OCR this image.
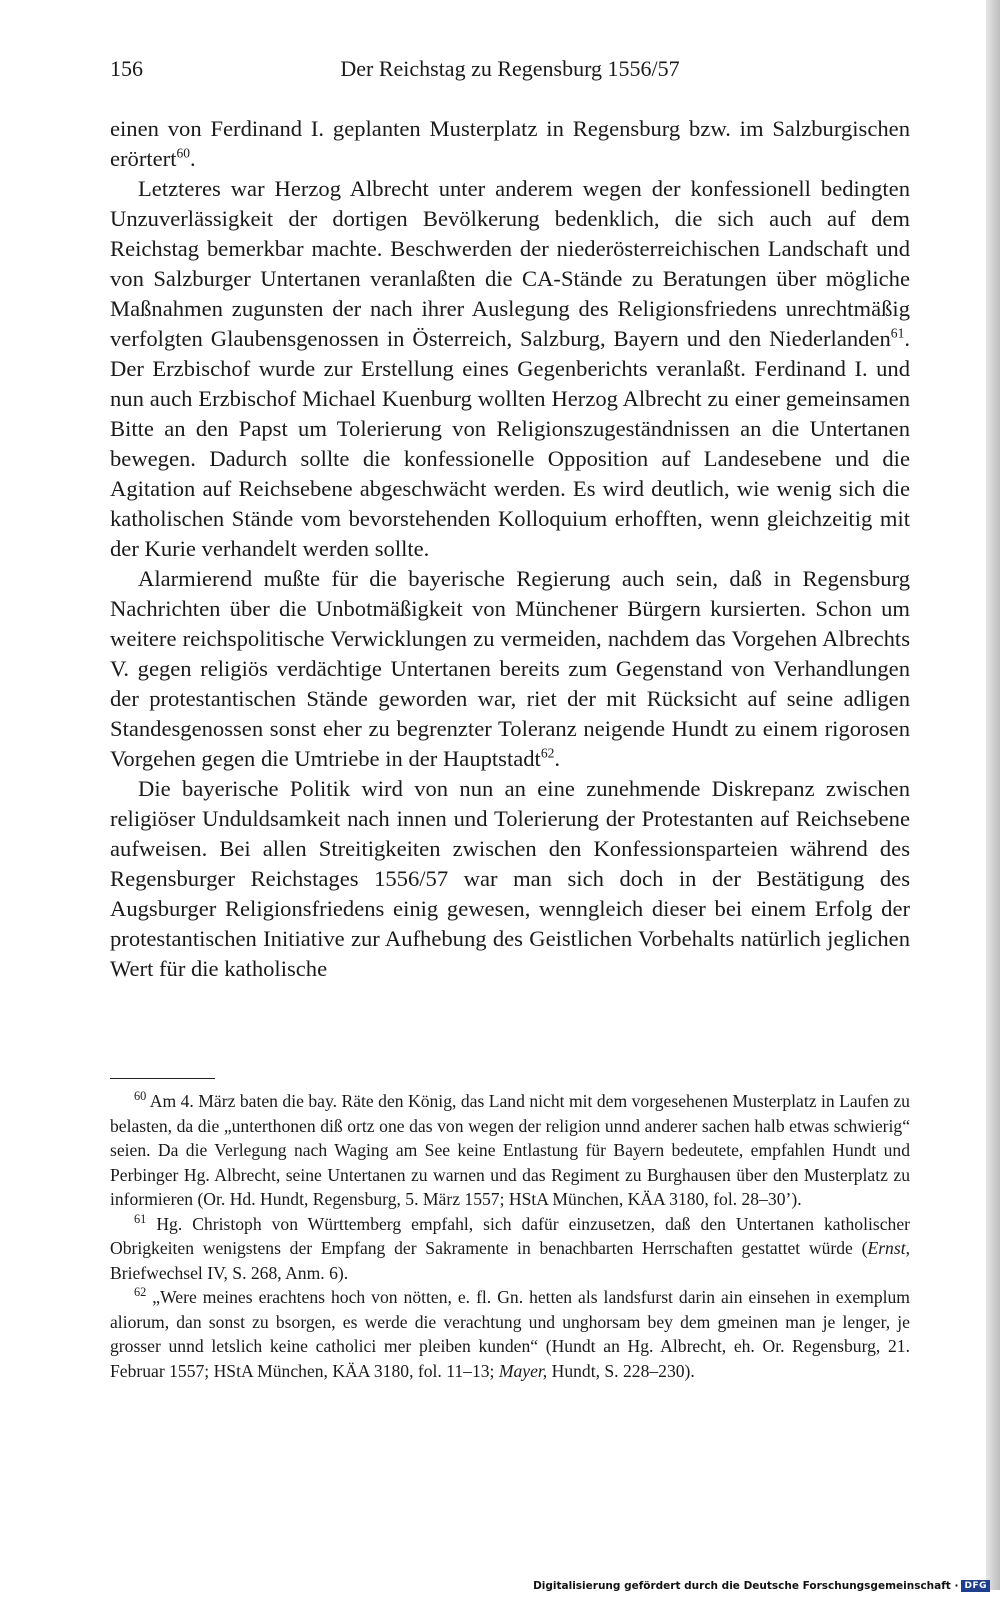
156	Der Reichstag zu Regensburg 1556/57

einen von Ferdinand I. geplanten Musterplatz in Regensburg bzw. im Salzburgischen erörtert$^{60}$.

Letzteres war Herzog Albrecht unter anderem wegen der konfessionell bedingten Unzuverlässigkeit der dortigen Bevölkerung bedenklich, die sich auch auf dem Reichstag bemerkbar machte. Beschwerden der niederösterreichischen Landschaft und von Salzburger Untertanen veranlaßten die CA-Stände zu Beratungen über mögliche Maßnahmen zugunsten der nach ihrer Auslegung des Religionsfriedens unrechtmäßig verfolgten Glaubensgenossen in Österreich, Salzburg, Bayern und den Niederlanden$^{61}$. Der Erzbischof wurde zur Erstellung eines Gegenberichts veranlaßt. Ferdinand I. und nun auch Erzbischof Michael Kuenburg wollten Herzog Albrecht zu einer gemeinsamen Bitte an den Papst um Tolerierung von Religionszugeständnissen an die Untertanen bewegen. Dadurch sollte die konfessionelle Opposition auf Landesebene und die Agitation auf Reichsebene abgeschwächt werden. Es wird deutlich, wie wenig sich die katholischen Stände vom bevorstehenden Kolloquium erhofften, wenn gleichzeitig mit der Kurie verhandelt werden sollte.

Alarmierend mußte für die bayerische Regierung auch sein, daß in Regensburg Nachrichten über die Unbotmäßigkeit von Münchener Bürgern kursierten. Schon um weitere reichspolitische Verwicklungen zu vermeiden, nachdem das Vorgehen Albrechts V. gegen religiös verdächtige Untertanen bereits zum Gegenstand von Verhandlungen der protestantischen Stände geworden war, riet der mit Rücksicht auf seine adligen Standesgenossen sonst eher zu begrenzter Toleranz neigende Hundt zu einem rigorosen Vorgehen gegen die Umtriebe in der Hauptstadt$^{62}$.

Die bayerische Politik wird von nun an eine zunehmende Diskrepanz zwischen religiöser Unduldsamkeit nach innen und Tolerierung der Protestanten auf Reichsebene aufweisen. Bei allen Streitigkeiten zwischen den Konfessionsparteien während des Regensburger Reichstages 1556/57 war man sich doch in der Bestätigung des Augsburger Religionsfriedens einig gewesen, wenngleich dieser bei einem Erfolg der protestantischen Initiative zur Aufhebung des Geistlichen Vorbehalts natürlich jeglichen Wert für die katholische

$^{60}$ Am 4. März baten die bay. Räte den König, das Land nicht mit dem vorgesehenen Musterplatz in Laufen zu belasten, da die „unterthonen diß ortz one das von wegen der religion unnd anderer sachen halb etwas schwierig“ seien. Da die Verlegung nach Waging am See keine Entlastung für Bayern bedeutete, empfahlen Hundt und Perbinger Hg. Albrecht, seine Untertanen zu warnen und das Regiment zu Burghausen über den Musterplatz zu informieren (Or. Hd. Hundt, Regensburg, 5. März 1557; HStA München, KÄA 3180, fol. 28–30’).

$^{61}$ Hg. Christoph von Württemberg empfahl, sich dafür einzusetzen, daß den Untertanen katholischer Obrigkeiten wenigstens der Empfang der Sakramente in benachbarten Herrschaften gestattet würde (Ernst, Briefwechsel IV, S. 268, Anm. 6).

$^{62}$ „Were meines erachtens hoch von nötten, e. fl. Gn. hetten als landsfurst darin ain einsehen in exemplum aliorum, dan sonst zu bsorgen, es werde die verachtung und unghorsam bey dem gmeinen man je lenger, je grosser unnd letslich keine catholici mer pleiben kunden“ (Hundt an Hg. Albrecht, eh. Or. Regensburg, 21. Februar 1557; HStA München, KÄA 3180, fol. 11–13; Mayer, Hundt, S. 228–230).

Digitalisierung gefördert durch die Deutsche Forschungsgemeinschaft · DFG
